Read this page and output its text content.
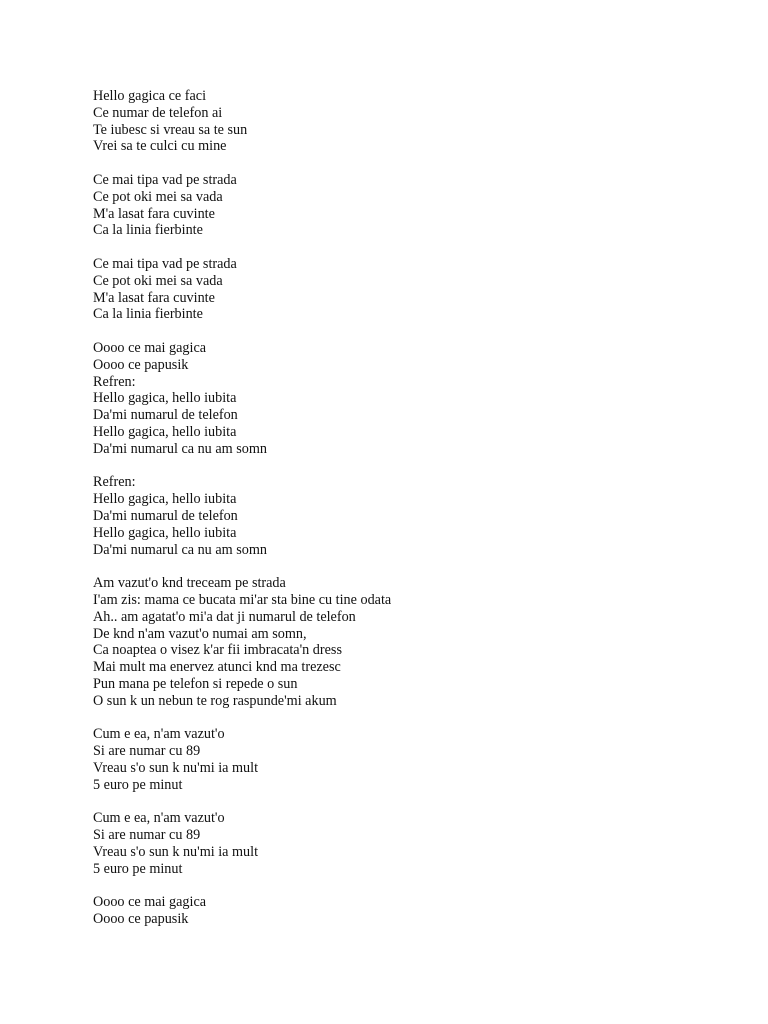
Hello gagica ce faci
Ce numar de telefon ai
Te iubesc si vreau sa te sun
Vrei sa te culci cu mine
Ce mai tipa vad pe strada
Ce pot oki mei sa vada
M'a lasat fara cuvinte
Ca la linia fierbinte
Ce mai tipa vad pe strada
Ce pot oki mei sa vada
M'a lasat fara cuvinte
Ca la linia fierbinte
Oooo ce mai gagica
Oooo ce papusik
Refren:
Hello gagica, hello iubita
Da'mi numarul de telefon
Hello gagica, hello iubita
Da'mi numarul ca nu am somn
Refren:
Hello gagica, hello iubita
Da'mi numarul de telefon
Hello gagica, hello iubita
Da'mi numarul ca nu am somn
Am vazut'o knd treceam pe strada
I'am zis: mama ce bucata mi'ar sta bine cu tine odata
Ah.. am agatat'o mi'a dat ji numarul de telefon
De knd n'am vazut'o numai am somn,
Ca noaptea o visez k'ar fii imbracata'n dress
Mai mult ma enervez atunci knd ma trezesc
Pun mana pe telefon si repede o sun
O sun k un nebun te rog raspunde'mi akum
Cum e ea, n'am vazut'o
Si are numar cu 89
Vreau s'o sun k nu'mi ia mult
5 euro pe minut
Cum e ea, n'am vazut'o
Si are numar cu 89
Vreau s'o sun k nu'mi ia mult
5 euro pe minut
Oooo ce mai gagica
Oooo ce papusik
